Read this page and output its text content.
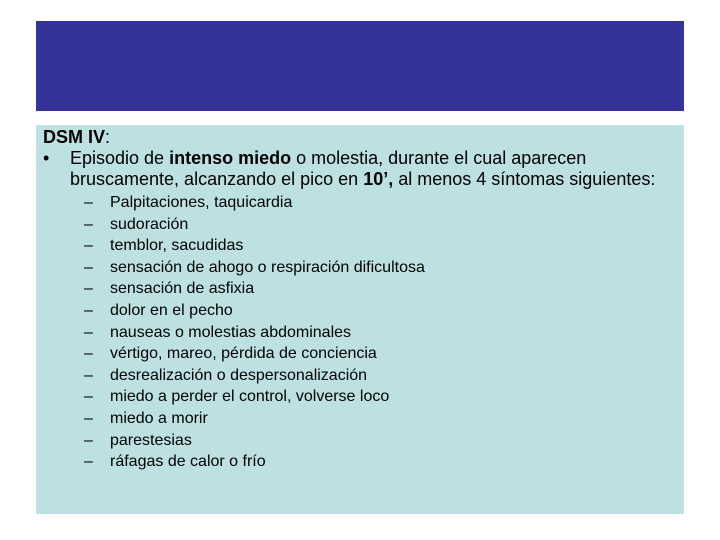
DSM IV:
• Episodio de intenso miedo o molestia, durante el cual aparecen bruscamente, alcanzando el pico en 10’, al menos 4 síntomas siguientes:
– Palpitaciones, taquicardia
– sudoración
– temblor, sacudidas
– sensación de ahogo o respiración dificultosa
– sensación de asfixia
– dolor en el pecho
– nauseas o molestias abdominales
– vértigo, mareo, pérdida de conciencia
– desrealización o despersonalización
– miedo a perder el control, volverse loco
– miedo a morir
– parestesias
– ráfagas de calor o frío
